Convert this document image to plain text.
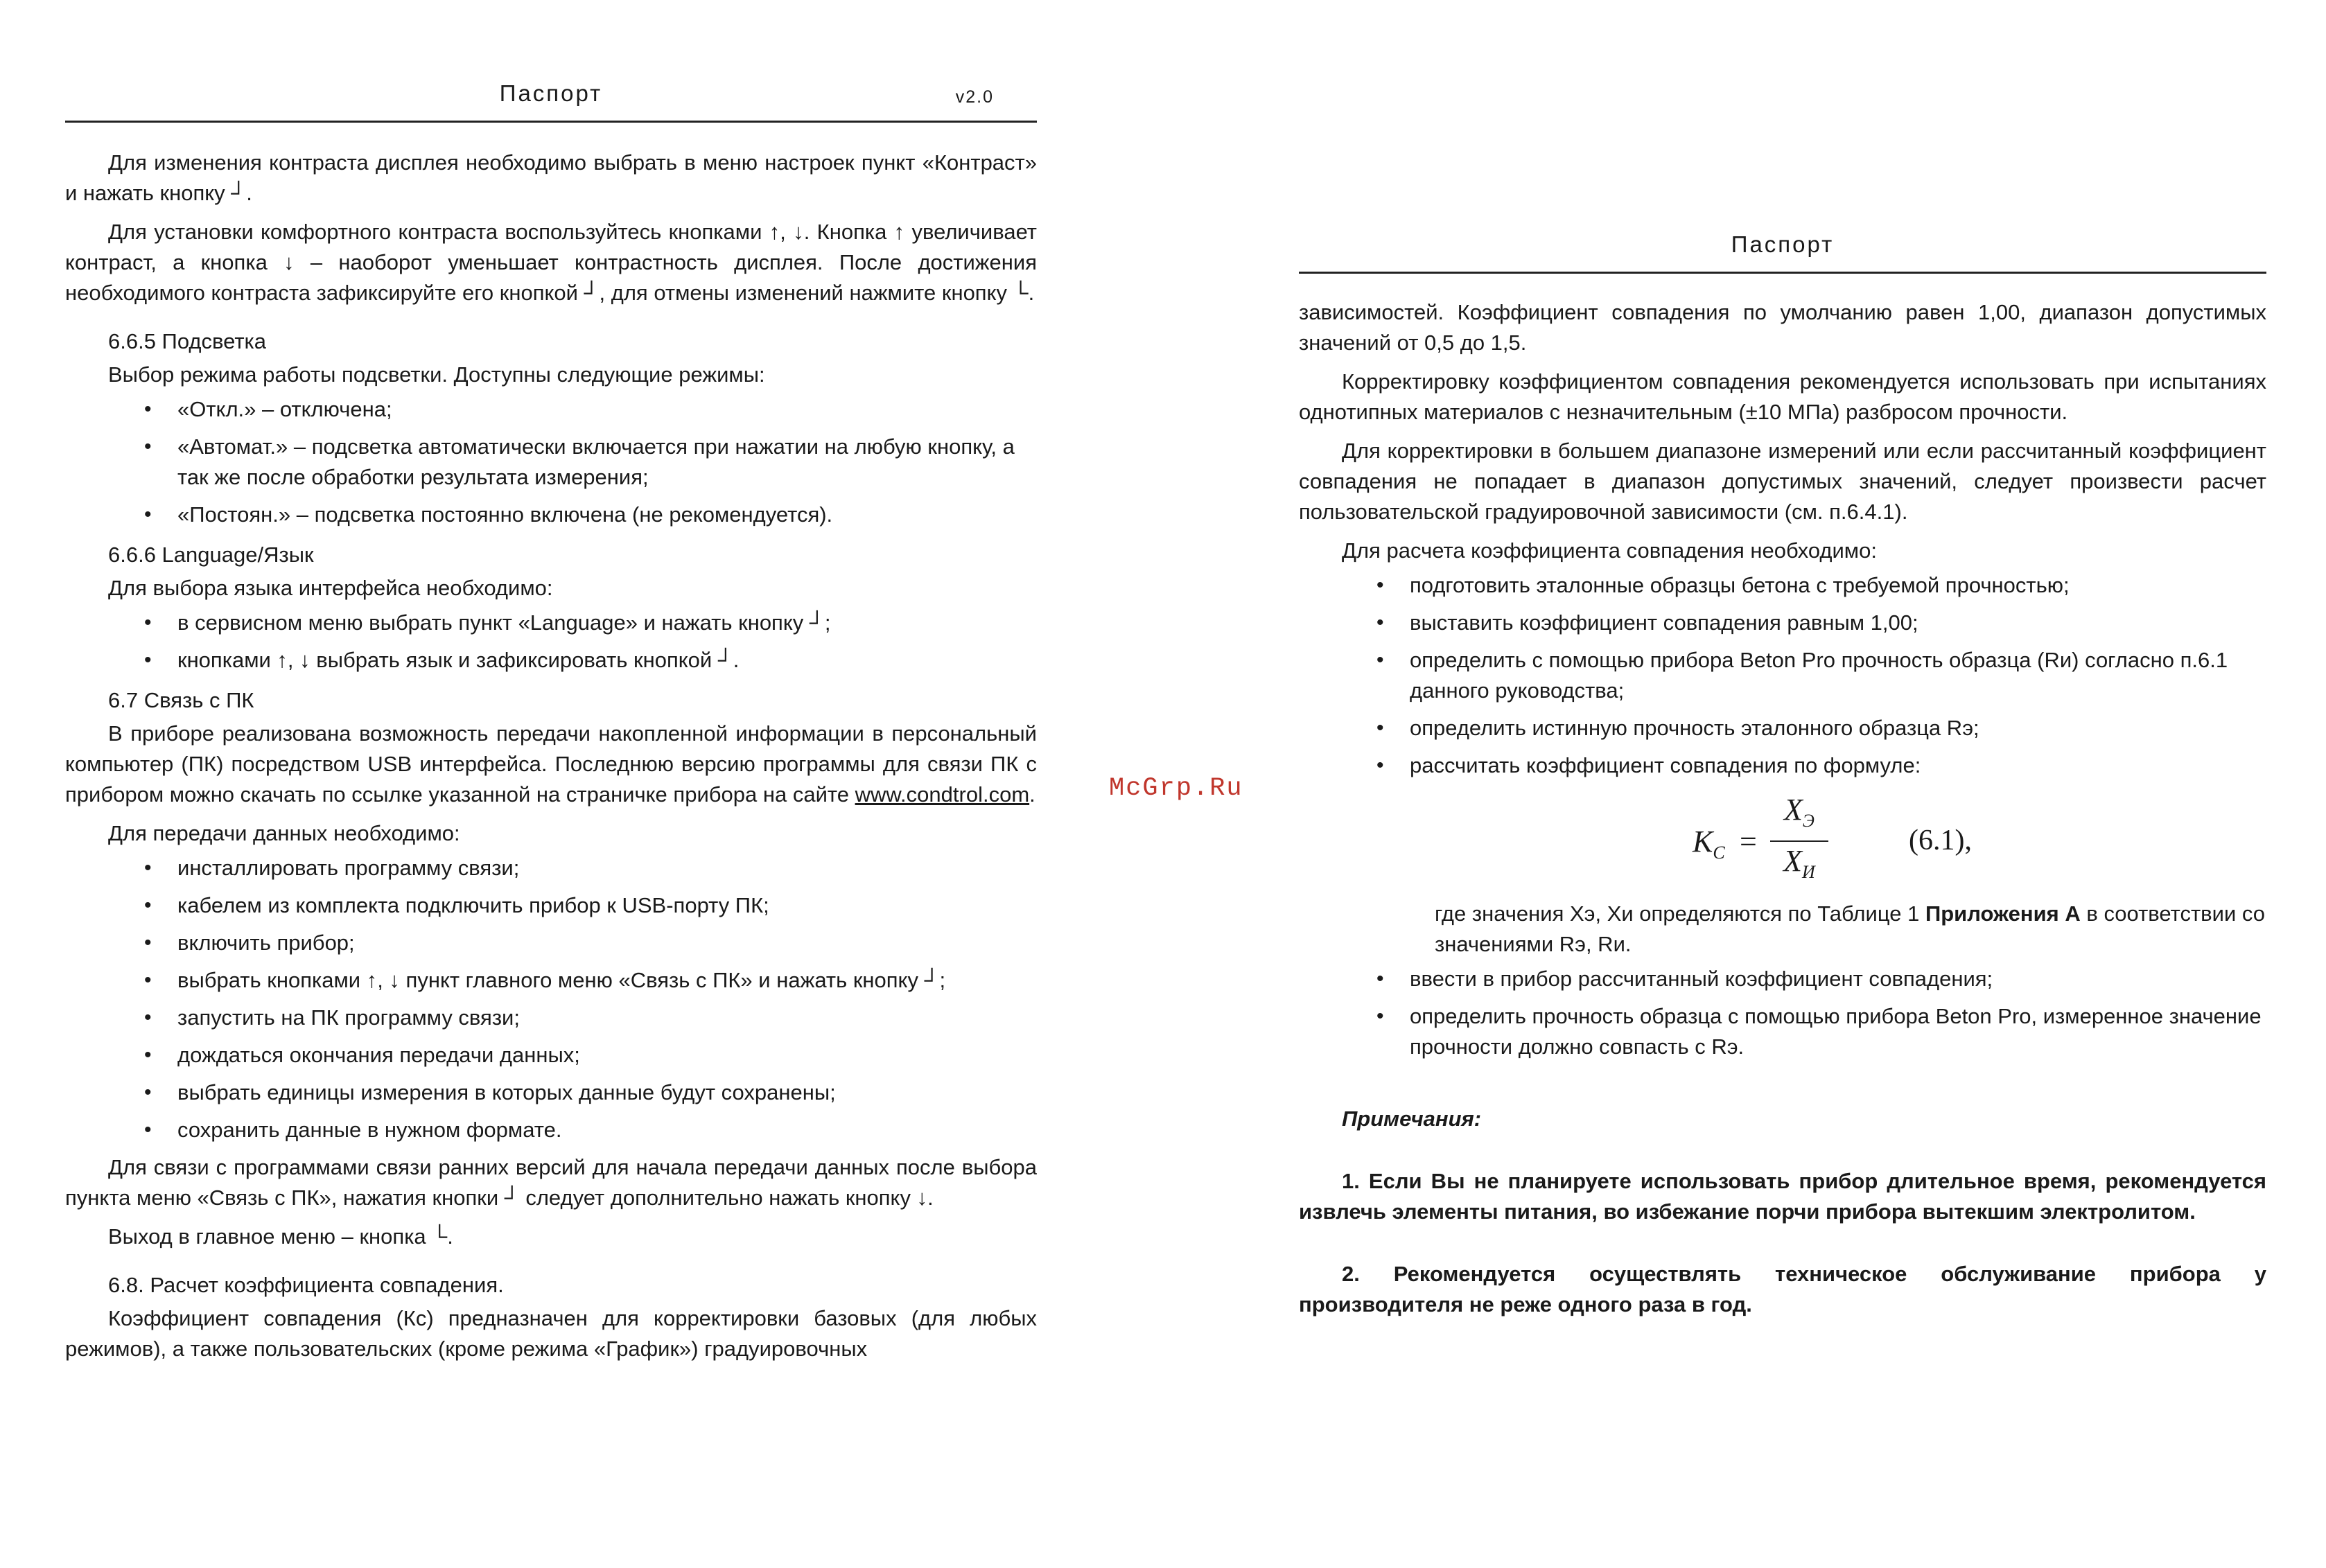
Паспорт	v2.0

Для изменения контраста дисплея необходимо выбрать в меню настроек пункт «Контраст» и нажать кнопку ┘.

Для установки комфортного контраста воспользуйтесь кнопками ↑, ↓. Кнопка ↑ увеличивает контраст, а кнопка ↓ – наоборот уменьшает контрастность дисплея. После достижения необходимого контраста зафиксируйте его кнопкой ┘, для отмены изменений нажмите кнопку └.

6.6.5 Подсветка

Выбор режима работы подсветки. Доступны следующие режимы:

• «Откл.» – отключена;
• «Автомат.» – подсветка автоматически включается при нажатии на любую кнопку, а так же после обработки результата измерения;
• «Постоян.» – подсветка постоянно включена (не рекомендуется).
6.6.6 Language/Язык

Для выбора языка интерфейса необходимо:

• в сервисном меню выбрать пункт «Language» и нажать кнопку ┘;
• кнопками ↑, ↓ выбрать язык и зафиксировать кнопкой ┘.
6.7 Связь с ПК

В приборе реализована возможность передачи накопленной информации в персональный компьютер (ПК) посредством USB интерфейса. Последнюю версию программы для связи ПК с прибором можно скачать по ссылке указанной на страничке прибора на сайте www.condtrol.com.

Для передачи данных необходимо:

• инсталлировать программу связи;
• кабелем из комплекта подключить прибор к USB-порту ПК;
• включить прибор;
• выбрать кнопками ↑, ↓ пункт главного меню «Связь с ПК» и нажать кнопку ┘;
• запустить на ПК программу связи;
• дождаться окончания передачи данных;
• выбрать единицы измерения в которых данные будут сохранены;
• сохранить данные в нужном формате.

Для связи с программами связи ранних версий для начала передачи данных после выбора пункта меню «Связь с ПК», нажатия кнопки ┘ следует дополнительно нажать кнопку ↓.

Выход в главное меню – кнопка └.

6.8. Расчет коэффициента совпадения.

Коэффициент совпадения (Кс) предназначен для корректировки базовых (для любых режимов), а также пользовательских (кроме режима «График») градуировочных

McGrp.Ru
Паспорт

зависимостей. Коэффициент совпадения по умолчанию равен 1,00, диапазон допустимых значений от 0,5 до 1,5.

Корректировку коэффициентом совпадения рекомендуется использовать при испытаниях однотипных материалов с незначительным (±10 МПа) разбросом прочности.

Для корректировки в большем диапазоне измерений или если рассчитанный коэффициент совпадения не попадает в диапазон допустимых значений, следует произвести расчет пользовательской градуировочной зависимости (см. п.6.4.1).

Для расчета коэффициента совпадения необходимо:

• подготовить эталонные образцы бетона с требуемой прочностью;
• выставить коэффициент совпадения равным 1,00;
• определить с помощью прибора Beton Pro прочность образца (Rи) согласно п.6.1 данного руководства;
• определить истинную прочность эталонного образца Rэ;
• рассчитать коэффициент совпадения по формуле:
$K_C$ =
$X_Э$
$X_И$
(6.1),

где значения Хэ, Хи определяются по Таблице 1 Приложения А в соответствии со значениями Rэ, Rи.

• ввести в прибор рассчитанный коэффициент совпадения;
• определить прочность образца с помощью прибора Beton Pro, измеренное значение прочности должно совпасть с Rэ.
Примечания:

1. Если Вы не планируете использовать прибор длительное время, рекомендуется извлечь элементы питания, во избежание порчи прибора вытекшим электролитом.

2. Рекомендуется осуществлять техническое обслуживание прибора у производителя не реже одного раза в год.
